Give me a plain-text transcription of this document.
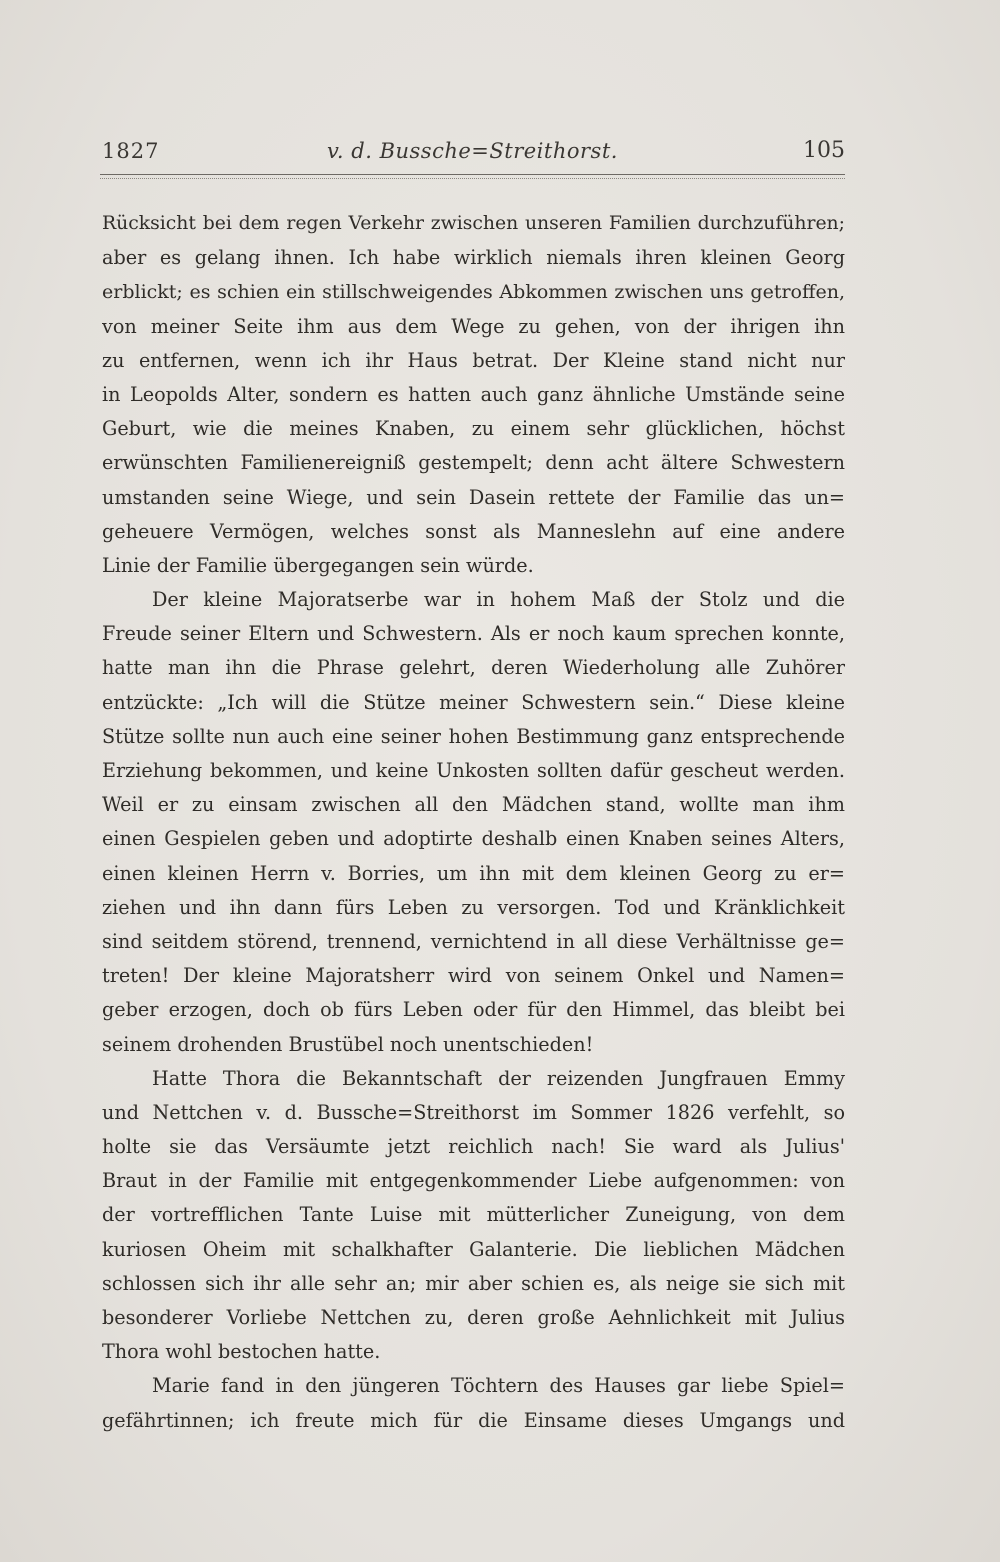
1827	v. d. Bussche=Streithorst.	105
Rücksicht bei dem regen Verkehr zwischen unseren Familien durchzuführen;
aber es gelang ihnen. Ich habe wirklich niemals ihren kleinen Georg
erblickt; es schien ein stillschweigendes Abkommen zwischen uns getroffen,
von meiner Seite ihm aus dem Wege zu gehen, von der ihrigen ihn
zu entfernen, wenn ich ihr Haus betrat. Der Kleine stand nicht nur
in Leopolds Alter, sondern es hatten auch ganz ähnliche Umstände seine
Geburt, wie die meines Knaben, zu einem sehr glücklichen, höchst
erwünschten Familienereigniß gestempelt; denn acht ältere Schwestern
umstanden seine Wiege, und sein Dasein rettete der Familie das un=
geheuere Vermögen, welches sonst als Manneslehn auf eine andere
Linie der Familie übergegangen sein würde.
Der kleine Majoratserbe war in hohem Maß der Stolz und die
Freude seiner Eltern und Schwestern. Als er noch kaum sprechen konnte,
hatte man ihn die Phrase gelehrt, deren Wiederholung alle Zuhörer
entzückte: „Ich will die Stütze meiner Schwestern sein.“ Diese kleine
Stütze sollte nun auch eine seiner hohen Bestimmung ganz entsprechende
Erziehung bekommen, und keine Unkosten sollten dafür gescheut werden.
Weil er zu einsam zwischen all den Mädchen stand, wollte man ihm
einen Gespielen geben und adoptirte deshalb einen Knaben seines Alters,
einen kleinen Herrn v. Borries, um ihn mit dem kleinen Georg zu er=
ziehen und ihn dann fürs Leben zu versorgen. Tod und Kränklichkeit
sind seitdem störend, trennend, vernichtend in all diese Verhältnisse ge=
treten! Der kleine Majoratsherr wird von seinem Onkel und Namen=
geber erzogen, doch ob fürs Leben oder für den Himmel, das bleibt bei
seinem drohenden Brustübel noch unentschieden!
Hatte Thora die Bekanntschaft der reizenden Jungfrauen Emmy
und Nettchen v. d. Bussche=Streithorst im Sommer 1826 verfehlt, so
holte sie das Versäumte jetzt reichlich nach! Sie ward als Julius'
Braut in der Familie mit entgegenkommender Liebe aufgenommen: von
der vortrefflichen Tante Luise mit mütterlicher Zuneigung, von dem
kuriosen Oheim mit schalkhafter Galanterie. Die lieblichen Mädchen
schlossen sich ihr alle sehr an; mir aber schien es, als neige sie sich mit
besonderer Vorliebe Nettchen zu, deren große Aehnlichkeit mit Julius
Thora wohl bestochen hatte.
Marie fand in den jüngeren Töchtern des Hauses gar liebe Spiel=
gefährtinnen; ich freute mich für die Einsame dieses Umgangs und
